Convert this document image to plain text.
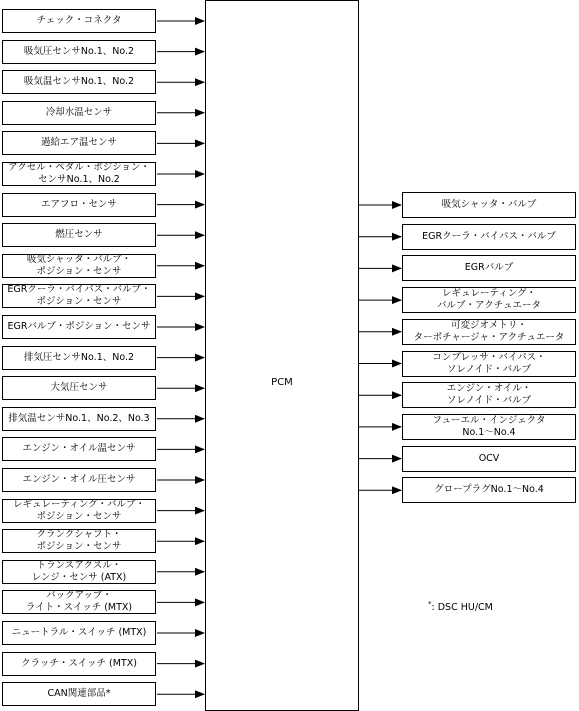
PCM
チェック・コネクタ
吸気圧センサNo.1、No.2
吸気温センサNo.1、No.2
冷却水温センサ
過給エア温センサ
アクセル・ペダル・ポジション・
センサNo.1、No.2
エアフロ・センサ
燃圧センサ
吸気シャッタ・バルブ・
ポジション・センサ
EGRクーラ・バイパス・バルブ・
ポジション・センサ
EGRバルブ・ポジション・センサ
排気圧センサNo.1、No.2
大気圧センサ
排気温センサNo.1、No.2、No.3
エンジン・オイル温センサ
エンジン・オイル圧センサ
レギュレーティング・バルブ・
ポジション・センサ
クランクシャフト・
ポジション・センサ
トランスアクスル・
レンジ・センサ (ATX)
バックアップ・
ライト・スイッチ (MTX)
ニュートラル・スイッチ (MTX)
クラッチ・スイッチ (MTX)
CAN関連部品*
吸気シャッタ・バルブ
EGRクーラ・バイパス・バルブ
EGRバルブ
レギュレーティング・
バルブ・アクチュエータ
可変ジオメトリ・
ターボチャージャ・アクチュエータ
コンプレッサ・バイパス・
ソレノイド・バルブ
エンジン・オイル・
ソレノイド・バルブ
フューエル・インジェクタ
No.1～No.4
OCV
グロープラグNo.1～No.4
*: DSC HU/CM
